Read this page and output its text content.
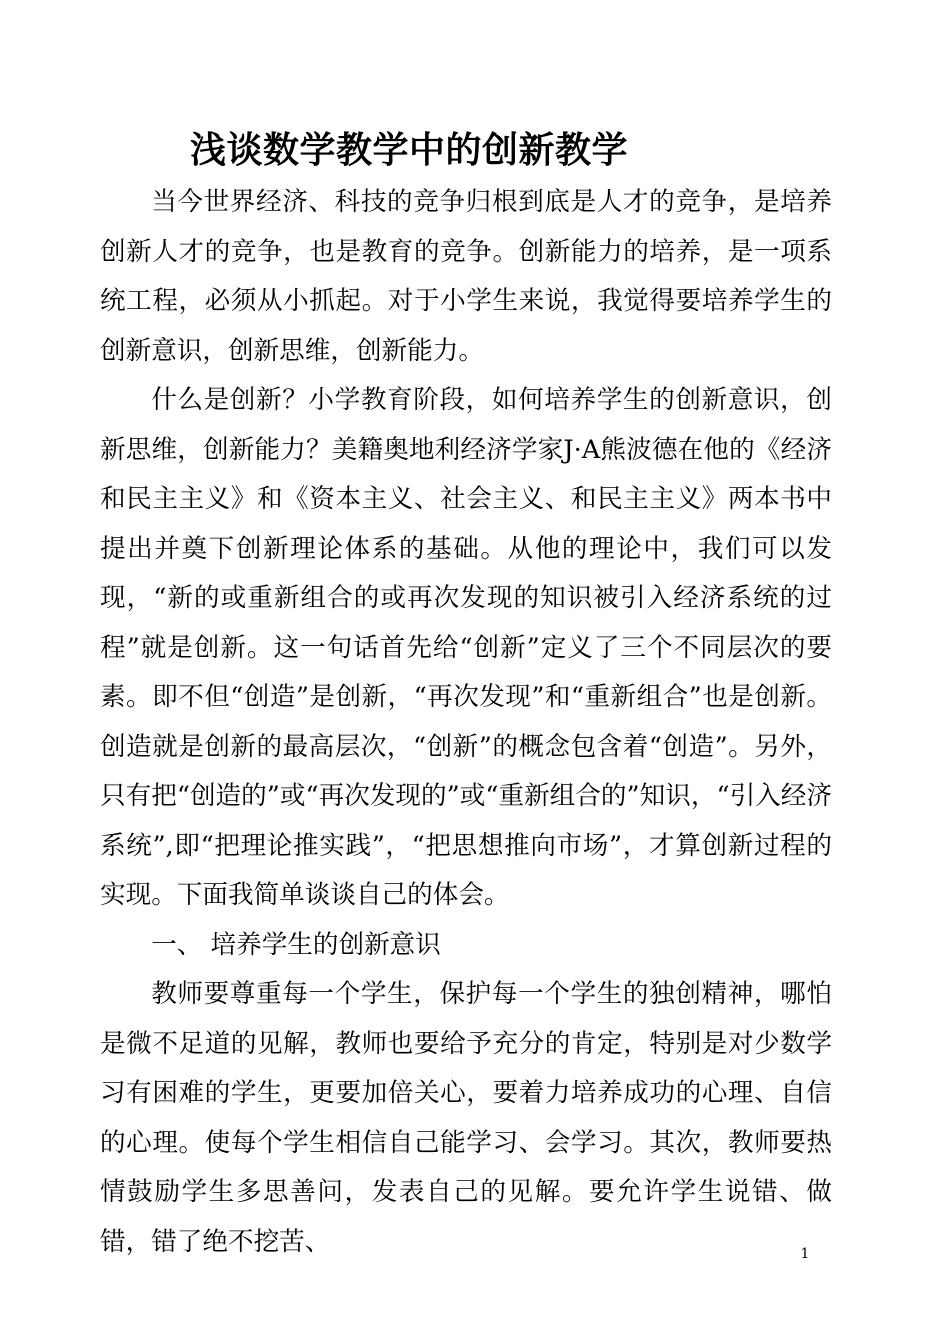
浅谈数学教学中的创新教学

当今世界经济、科技的竞争归根到底是人才的竞争，是培养创新人才的竞争，也是教育的竞争。创新能力的培养，是一项系统工程，必须从小抓起。对于小学生来说，我觉得要培养学生的创新意识，创新思维，创新能力。

什么是创新？小学教育阶段，如何培养学生的创新意识，创新思维，创新能力？美籍奥地利经济学家J·A熊波德在他的《经济和民主主义》和《资本主义、社会主义、和民主主义》两本书中提出并奠下创新理论体系的基础。从他的理论中，我们可以发现，“新的或重新组合的或再次发现的知识被引入经济系统的过程”就是创新。这一句话首先给“创新”定义了三个不同层次的要素。即不但“创造”是创新，“再次发现”和“重新组合”也是创新。创造就是创新的最高层次，“创新”的概念包含着“创造”。另外，只有把“创造的”或“再次发现的”或“重新组合的”知识，“引入经济系统”,即“把理论推实践”，“把思想推向市场”，才算创新过程的实现。下面我简单谈谈自己的体会。

一、 培养学生的创新意识

教师要尊重每一个学生，保护每一个学生的独创精神，哪怕是微不足道的见解，教师也要给予充分的肯定，特别是对少数学习有困难的学生，更要加倍关心，要着力培养成功的心理、自信的心理。使每个学生相信自己能学习、会学习。其次，教师要热情鼓励学生多思善问，发表自己的见解。要允许学生说错、做错，错了绝不挖苦、	1
